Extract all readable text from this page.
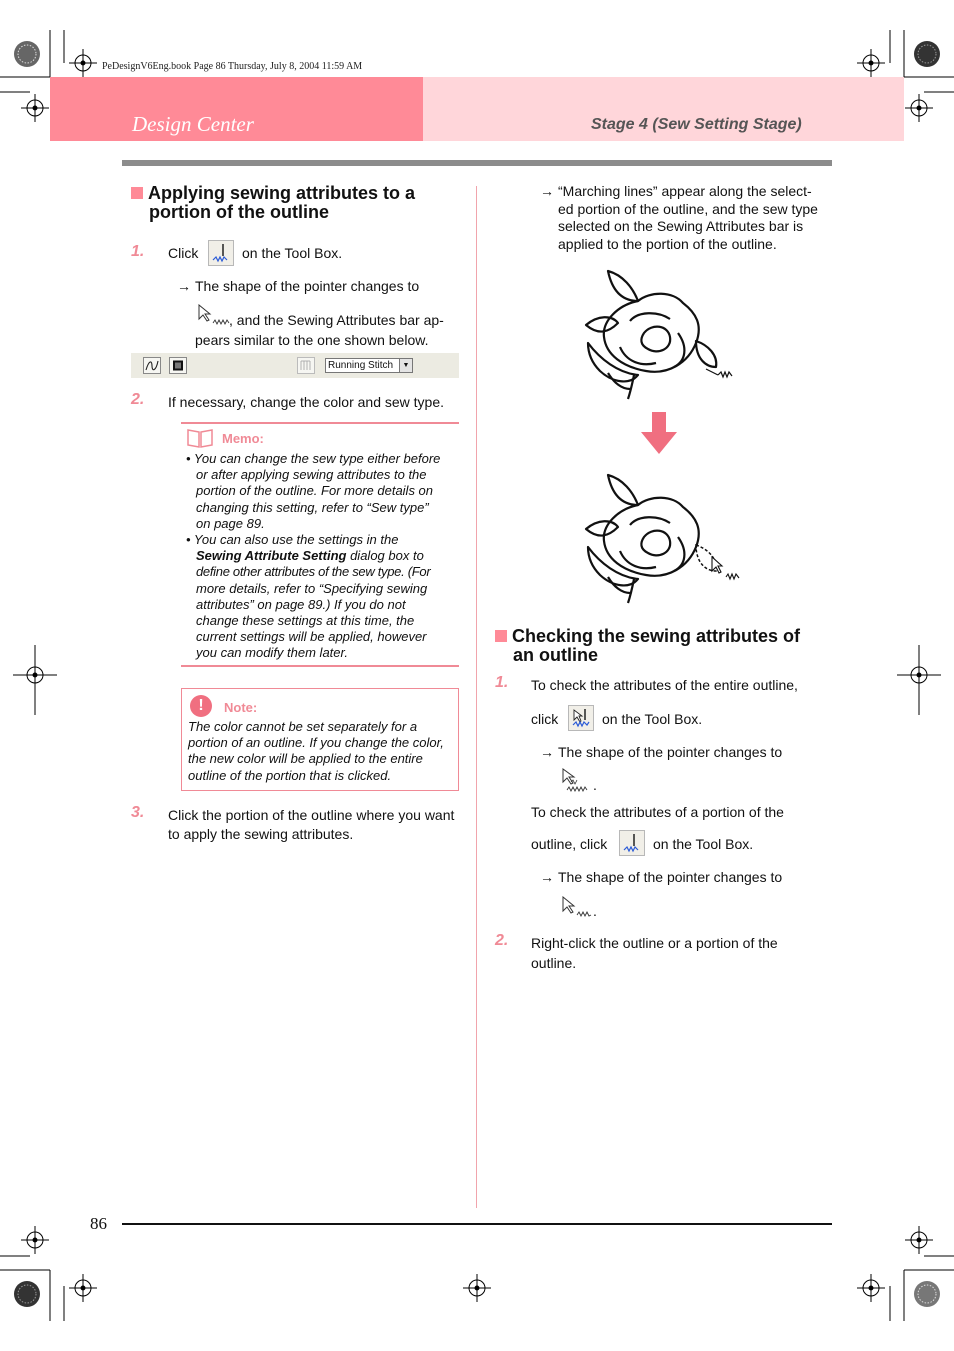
PeDesignV6Eng.book Page 86 Thursday, July 8, 2004 11:59 AM
Design Center	Stage 4 (Sew Setting Stage)
Applying sewing attributes to a
portion of the outline
1. Click	on the Tool Box.
→ The shape of the pointer changes to
, and the Sewing Attributes bar ap-
pears similar to the one shown below.
Running Stitch	▼
2. If necessary, change the color and sew type.
Memo:
• You can change the sew type either before
or after applying sewing attributes to the
portion of the outline. For more details on
changing this setting, refer to “Sew type”
on page 89.
• You can also use the settings in the
Sewing Attribute Setting dialog box to
define other attributes of the sew type. (For
more details, refer to “Specifying sewing
attributes” on page 89.) If you do not
change these settings at this time, the
current settings will be applied, however
you can modify them later.
!	Note:
The color cannot be set separately for a
portion of an outline. If you change the color,
the new color will be applied to the entire
outline of the portion that is clicked.
3. Click the portion of the outline where you want
to apply the sewing attributes.
→ “Marching lines” appear along the select-
ed portion of the outline, and the sew type
selected on the Sewing Attributes bar is
applied to the portion of the outline.
Checking the sewing attributes of
an outline
1. To check the attributes of the entire outline,
click	on the Tool Box.
→ The shape of the pointer changes to
.
To check the attributes of a portion of the
outline, click	on the Tool Box.
→ The shape of the pointer changes to
.
2. Right-click the outline or a portion of the
outline.
86
